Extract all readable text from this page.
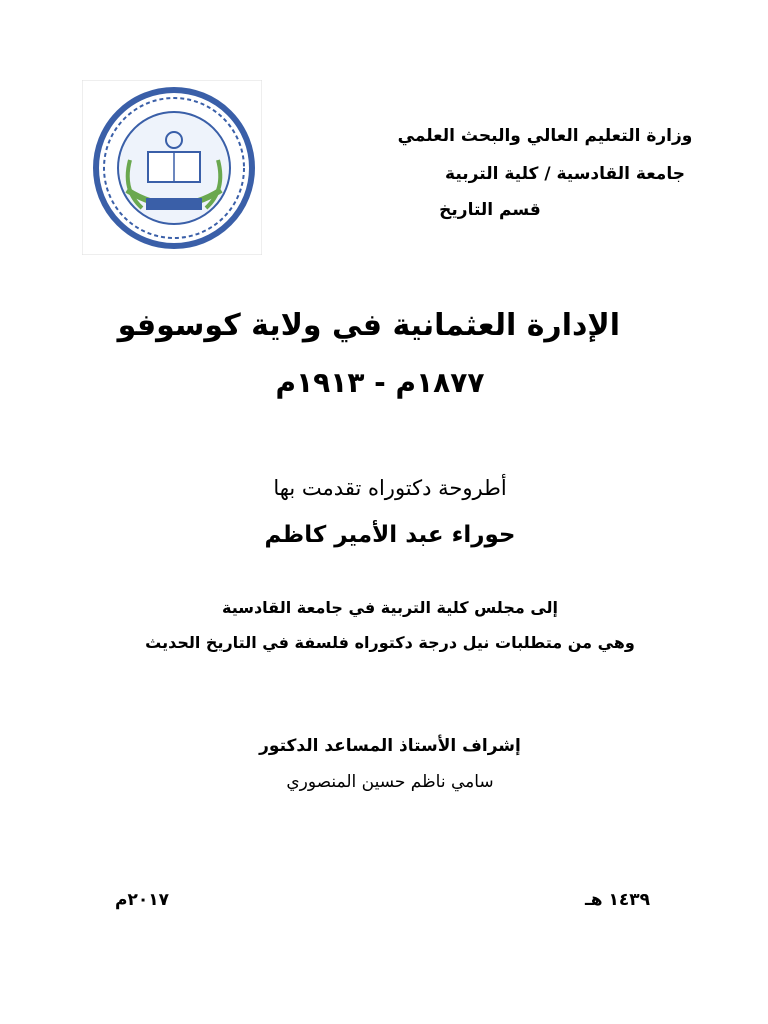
وزارة التعليم العالي والبحث العلمي
جامعة القادسية / كلية التربية
قسم التاريخ
الإدارة العثمانية في ولاية كوسوفو
١٨٧٧م - ١٩١٣م
أطروحة دكتوراه تقدمت بها
حوراء عبد الأمير كاظم
إلى مجلس كلية التربية في جامعة القادسية
وهي من متطلبات نيل درجة دكتوراه فلسفة في التاريخ الحديث
إشراف الأستاذ المساعد الدكتور
سامي ناظم حسين المنصوري
١٤٣٩ هـ
٢٠١٧م
